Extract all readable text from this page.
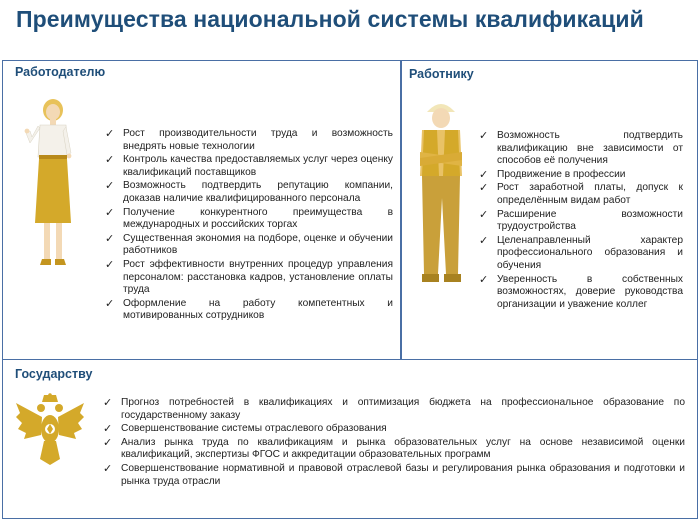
Преимущества национальной системы квалификаций
Работодателю
✓ Рост производительности труда и возможность внедрять новые технологии
✓ Контроль качества предоставляемых услуг через оценку квалификаций поставщиков
✓ Возможность подтвердить репутацию компании, доказав наличие квалифицированного персонала
✓ Получение конкурентного преимущества в международных и российских торгах
✓ Существенная экономия на подборе, оценке и обучении работников
✓ Рост эффективности внутренних процедур управления персоналом: расстановка кадров, установление оплаты труда
✓ Оформление на работу компетентных и мотивированных сотрудников
Работнику
✓ Возможность подтвердить квалификацию вне зависимости от способов её получения
✓ Продвижение в профессии
✓ Рост заработной платы, допуск к определённым видам работ
✓ Расширение возможности трудоустройства
✓ Целенаправленный характер профессионального образования и обучения
✓ Уверенность в собственных возможностях, доверие руководства организации и уважение коллег
Государству
✓ Прогноз потребностей в квалификациях и оптимизация бюджета на профессиональное образование по государственному заказу
✓ Совершенствование системы отраслевого образования
✓ Анализ рынка труда по квалификациям и рынка образовательных услуг на основе независимой оценки квалификаций, экспертизы ФГОС и аккредитации образовательных программ
✓ Совершенствование нормативной и правовой отраслевой базы и регулирования рынка образования и подготовки и рынка труда отрасли
